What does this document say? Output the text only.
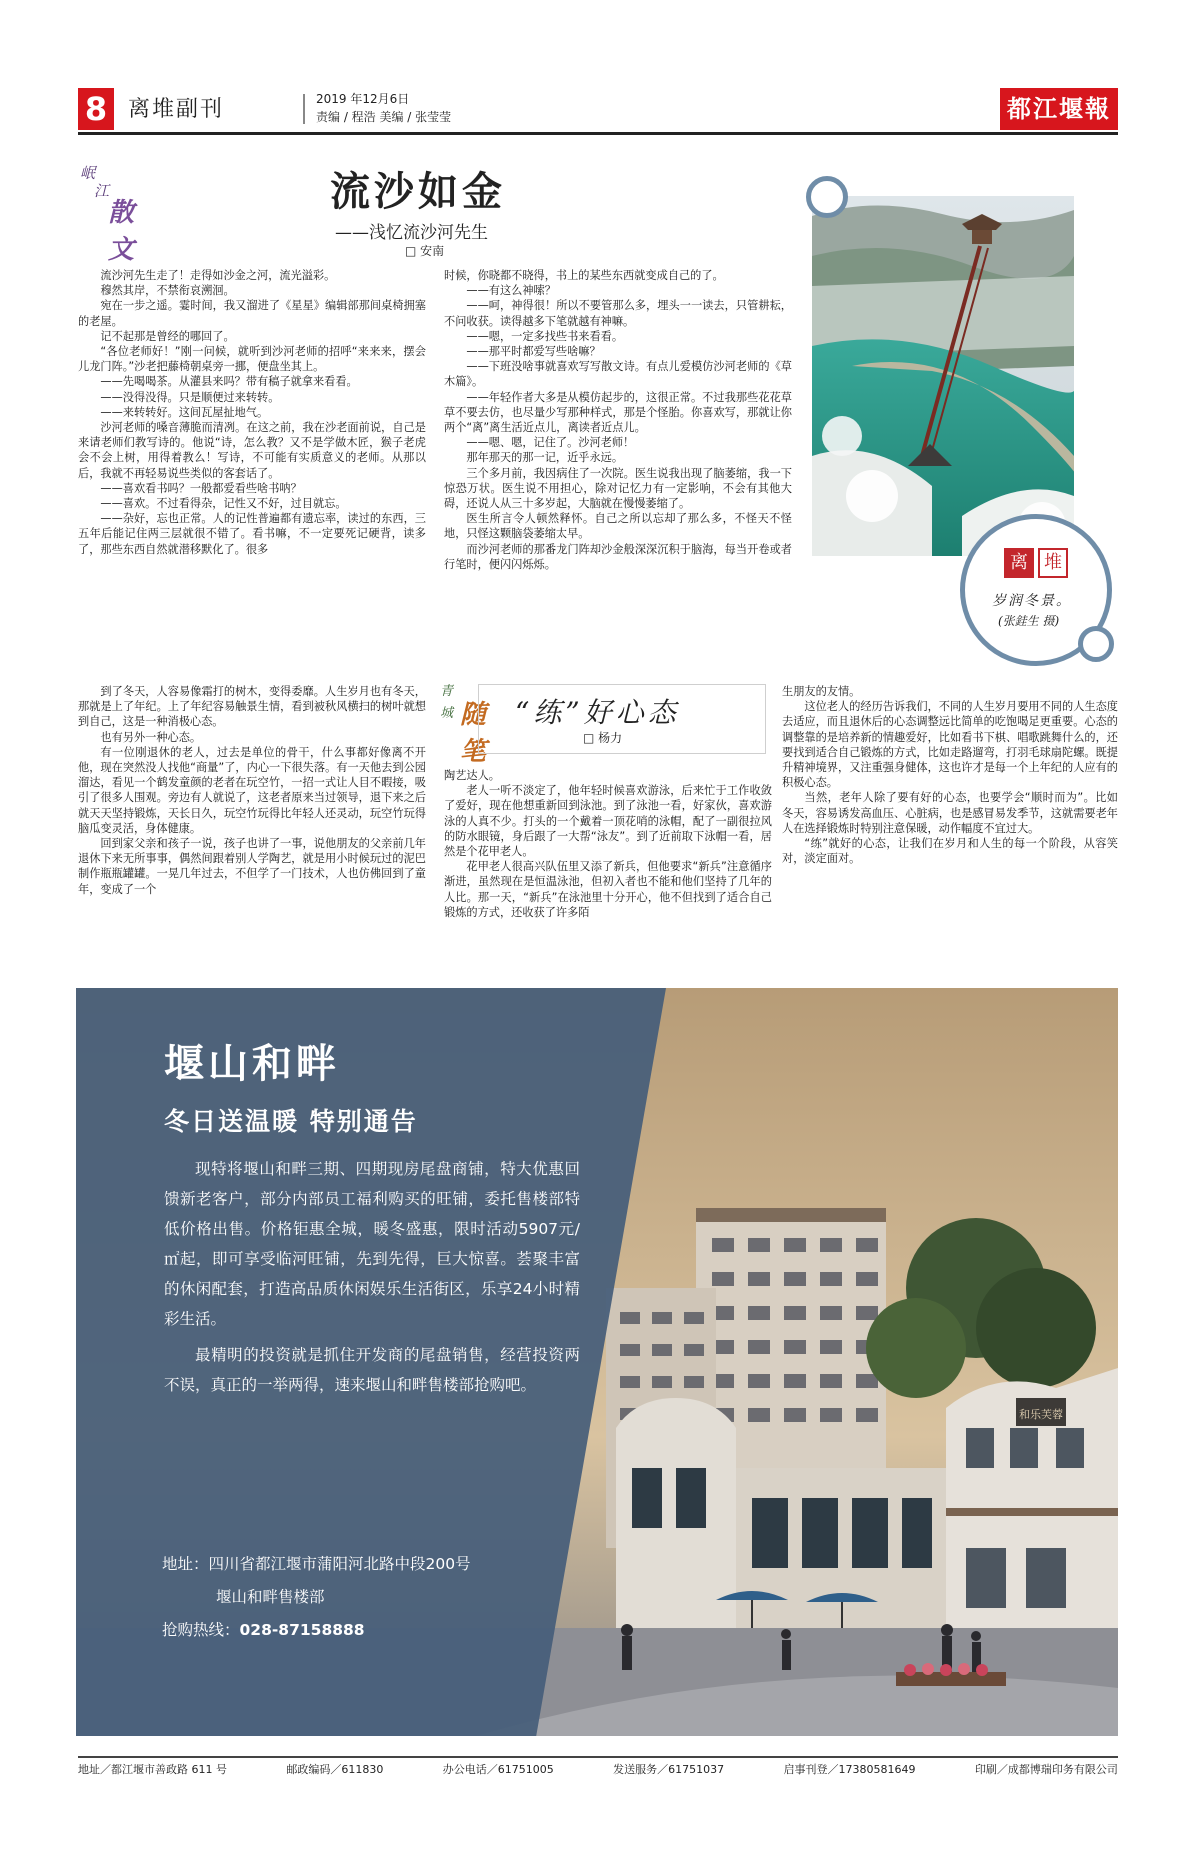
8 离堆副刊	2019 年12月6日
责编 / 程浩 美编 / 张莹莹	都江堰報
岷
江
散文
流沙如金
——浅忆流沙河先生
□ 安南

流沙河先生走了！走得如沙金之河，流光溢彩。

穆然其岸，不禁衔哀溯洄。

宛在一步之遥。霎时间，我又溜进了《星星》编辑部那间桌椅拥塞的老屋。

记不起那是曾经的哪回了。

“各位老师好！”刚一问候，就听到沙河老师的招呼“来来来，摆会儿龙门阵。”沙老把藤椅朝桌旁一挪，便盘坐其上。

——先喝喝茶。从灌县来吗？带有稿子就拿来看看。

——没得没得。只是顺便过来转转。

——来转转好。这间瓦屋扯地气。

沙河老师的嗓音薄脆而清冽。在这之前，我在沙老面前说，自己是来请老师们教写诗的。他说“诗，怎么教？又不是学做木匠，猴子老虎会不会上树，用得着教么！写诗，不可能有实质意义的老师。从那以后，我就不再轻易说些类似的客套话了。

——喜欢看书吗？一般都爱看些啥书呐？

——喜欢。不过看得杂，记性又不好，过目就忘。

——杂好，忘也正常。人的记性普遍都有遗忘率，读过的东西，三五年后能记住两三层就很不错了。看书嘛，不一定要死记硬背，读多了，那些东西自然就潜移默化了。很多

时候，你晓都不晓得，书上的某些东西就变成自己的了。

——有这么神嗦？

——呵，神得很！所以不要管那么多，埋头一一读去，只管耕耘，不问收获。读得越多下笔就越有神嘛。

——嗯，一定多找些书来看看。

——那平时都爱写些啥嘛？

——下班没啥事就喜欢写写散文诗。有点儿爱模仿沙河老师的《草木篇》。

——年轻作者大多是从模仿起步的，这很正常。不过我那些花花草草不要去仿，也尽量少写那种样式，那是个怪胎。你喜欢写，那就让你两个“离”离生活近点儿，离读者近点儿。

——嗯、嗯，记住了。沙河老师！

那年那天的那一记，近乎永远。

三个多月前，我因病住了一次院。医生说我出现了脑萎缩，我一下惊恐万状。医生说不用担心，除对记忆力有一定影响，不会有其他大碍，还说人从三十多岁起，大脑就在慢慢萎缩了。

医生所言令人顿然释怀。自己之所以忘却了那么多，不怪天不怪地，只怪这颗脑袋萎缩太早。

而沙河老师的那番龙门阵却沙金般深深沉积于脑海，每当开卷或者行笔时，便闪闪烁烁。	离 堆
岁润冬景。
(张銈生 摄)
青
城 随笔
“练”好心态
□ 杨力

到了冬天，人容易像霜打的树木，变得委靡。人生岁月也有冬天，那就是上了年纪。上了年纪容易触景生情，看到被秋风横扫的树叶就想到自己，这是一种消极心态。

也有另外一种心态。

有一位刚退休的老人，过去是单位的骨干，什么事都好像离不开他，现在突然没人找他“商量”了，内心一下很失落。有一天他去到公园溜达，看见一个鹤发童颜的老者在玩空竹，一招一式让人目不暇接，吸引了很多人围观。旁边有人就说了，这老者原来当过领导，退下来之后就天天坚持锻炼，天长日久，玩空竹玩得比年轻人还灵动，玩空竹玩得脑瓜变灵活，身体健康。

回到家父亲和孩子一说，孩子也讲了一事，说他朋友的父亲前几年退休下来无所事事，偶然间跟着别人学陶艺，就是用小时候玩过的泥巴制作瓶瓶罐罐。一晃几年过去，不但学了一门技术，人也仿佛回到了童年，变成了一个

陶艺达人。

老人一听不淡定了，他年轻时候喜欢游泳，后来忙于工作收敛了爱好，现在他想重新回到泳池。到了泳池一看，好家伙，喜欢游泳的人真不少。打头的一个戴着一顶花哨的泳帽，配了一副很拉风的防水眼镜，身后跟了一大帮“泳友”。到了近前取下泳帽一看，居然是个花甲老人。

花甲老人很高兴队伍里又添了新兵，但他要求“新兵”注意循序渐进，虽然现在是恒温泳池，但初入者也不能和他们坚持了几年的人比。那一天，“新兵”在泳池里十分开心，他不但找到了适合自己锻炼的方式，还收获了许多陌

生朋友的友情。

这位老人的经历告诉我们，不同的人生岁月要用不同的人生态度去适应，而且退休后的心态调整远比简单的吃饱喝足更重要。心态的调整靠的是培养新的情趣爱好，比如看书下棋、唱歌跳舞什么的，还要找到适合自己锻炼的方式，比如走路遛弯，打羽毛球扇陀螺。既提升精神境界，又注重强身健体，这也许才是每一个上年纪的人应有的积极心态。

当然，老年人除了要有好的心态，也要学会“顺时而为”。比如冬天，容易诱发高血压、心脏病，也是感冒易发季节，这就需要老年人在选择锻炼时特别注意保暖，动作幅度不宜过大。

“练”就好的心态，让我们在岁月和人生的每一个阶段，从容笑对，淡定面对。

和乐芙蓉
堰山和畔
冬日送温暖 特别通告

现特将堰山和畔三期、四期现房尾盘商铺，特大优惠回馈新老客户，部分内部员工福利购买的旺铺，委托售楼部特低价格出售。价格钜惠全城，暖冬盛惠，限时活动5907元/㎡起，即可享受临河旺铺，先到先得，巨大惊喜。荟聚丰富的休闲配套，打造高品质休闲娱乐生活街区，乐享24小时精彩生活。

最精明的投资就是抓住开发商的尾盘销售，经营投资两不误，真正的一举两得，速来堰山和畔售楼部抢购吧。

地址：四川省都江堰市蒲阳河北路中段200号
堰山和畔售楼部
抢购热线：028-87158888
地址／都江堰市善政路 611 号	邮政编码／611830	办公电话／61751005	发送服务／61751037	启事刊登／17380581649	印刷／成都博瑞印务有限公司
